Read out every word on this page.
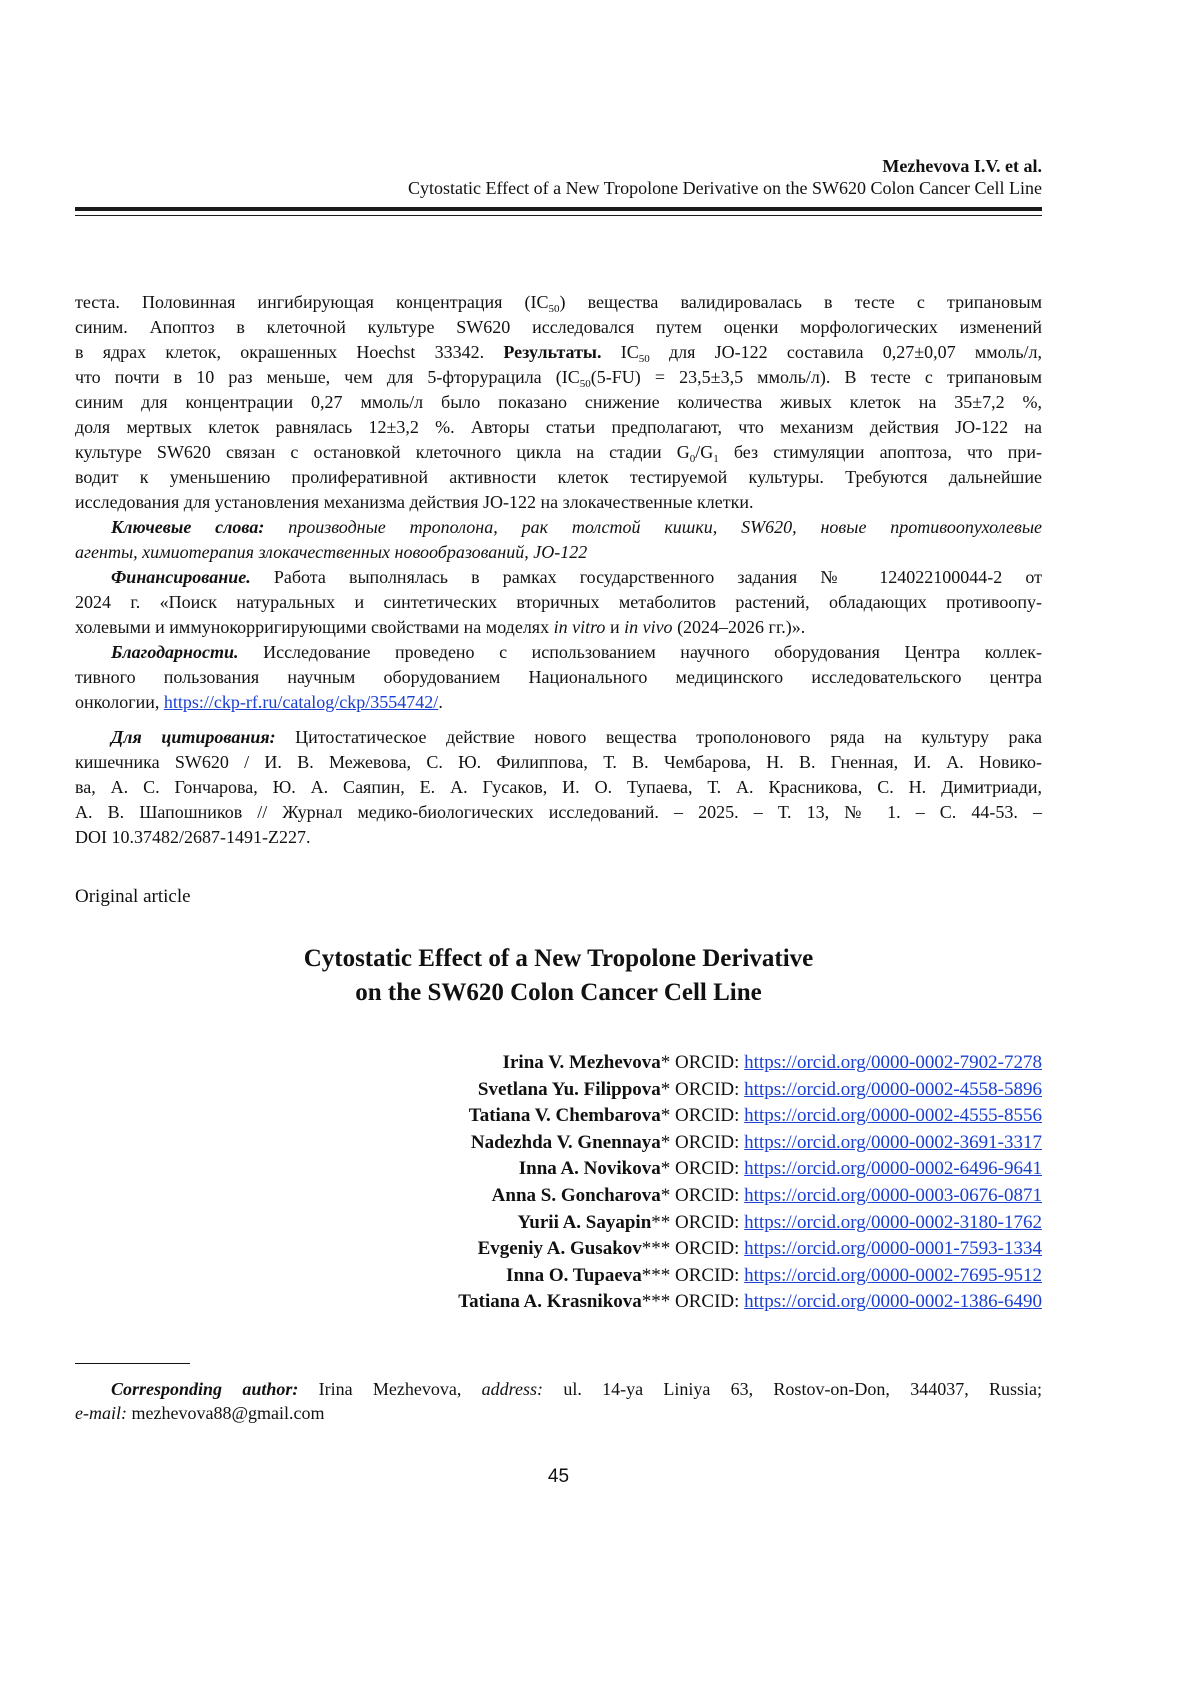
Mezhevova I.V. et al.
Cytostatic Effect of a New Tropolone Derivative on the SW620 Colon Cancer Cell Line
теста. Половинная ингибирующая концентрация $(IC_{50})$ вещества валидировалась в тесте с трипановым
синим. Апоптоз в клеточной культуре SW620 исследовался путем оценки морфологических изменений
в ядрах клеток, окрашенных Hoechst 33342. Результаты. $IC_{50}$ для JO-122 составила 0,27±0,07 ммоль/л,
что почти в 10 раз меньше, чем для 5-фторурацила ($IC_{50}(5-FU) = 23,5\pm 3,5$ ммоль/л). В тесте с трипановым
синим для концентрации 0,27 ммоль/л было показано снижение количества живых клеток на 35±7,2 %,
доля мертвых клеток равнялась 12±3,2 %. Авторы статьи предполагают, что механизм действия JO-122 на
культуре SW620 связан с остановкой клеточного цикла на стадии $G_0/G_1$ без стимуляции апоптоза, что при-
водит к уменьшению пролиферативной активности клеток тестируемой культуры. Требуются дальнейшие
исследования для установления механизма действия JO-122 на злокачественные клетки.
Ключевые слова: производные трополона, рак толстой кишки, SW620, новые противоопухолевые
агенты, химиотерапия злокачественных новообразований, JO-122
Финансирование. Работа выполнялась в рамках государственного задания № 124022100044-2 от
2024 г. «Поиск натуральных и синтетических вторичных метаболитов растений, обладающих противоопу-
холевыми и иммунокорригирующими свойствами на моделях in vitro и in vivo (2024–2026 гг.)».
Благодарности. Исследование проведено с использованием научного оборудования Центра коллек-
тивного пользования научным оборудованием Национального медицинского исследовательского центра
онкологии, https://ckp-rf.ru/catalog/ckp/3554742/.
Для цитирования: Цитостатическое действие нового вещества трополонового ряда на культуру рака
кишечника SW620 / И. В. Межевова, С. Ю. Филиппова, Т. В. Чембарова, Н. В. Гненная, И. А. Новико-
ва, А. С. Гончарова, Ю. А. Саяпин, Е. А. Гусаков, И. О. Тупаева, Т. А. Красникова, С. Н. Димитриади,
А. В. Шапошников // Журнал медико-биологических исследований. – 2025. – Т. 13, № 1. – С. 44-53. –
DOI 10.37482/2687-1491-Z227.
Original article
Cytostatic Effect of a New Tropolone Derivative
on the SW620 Colon Cancer Cell Line
Irina V. Mezhevova* ORCID: https://orcid.org/0000-0002-7902-7278
Svetlana Yu. Filippova* ORCID: https://orcid.org/0000-0002-4558-5896
Tatiana V. Chembarova* ORCID: https://orcid.org/0000-0002-4555-8556
Nadezhda V. Gnennaya* ORCID: https://orcid.org/0000-0002-3691-3317
Inna A. Novikova* ORCID: https://orcid.org/0000-0002-6496-9641
Anna S. Goncharova* ORCID: https://orcid.org/0000-0003-0676-0871
Yurii A. Sayapin** ORCID: https://orcid.org/0000-0002-3180-1762
Evgeniy A. Gusakov*** ORCID: https://orcid.org/0000-0001-7593-1334
Inna O. Tupaeva*** ORCID: https://orcid.org/0000-0002-7695-9512
Tatiana A. Krasnikova*** ORCID: https://orcid.org/0000-0002-1386-6490
Corresponding author: Irina Mezhevova, address: ul. 14-ya Liniya 63, Rostov-on-Don, 344037, Russia;
e-mail: mezhevova88@gmail.com
45
